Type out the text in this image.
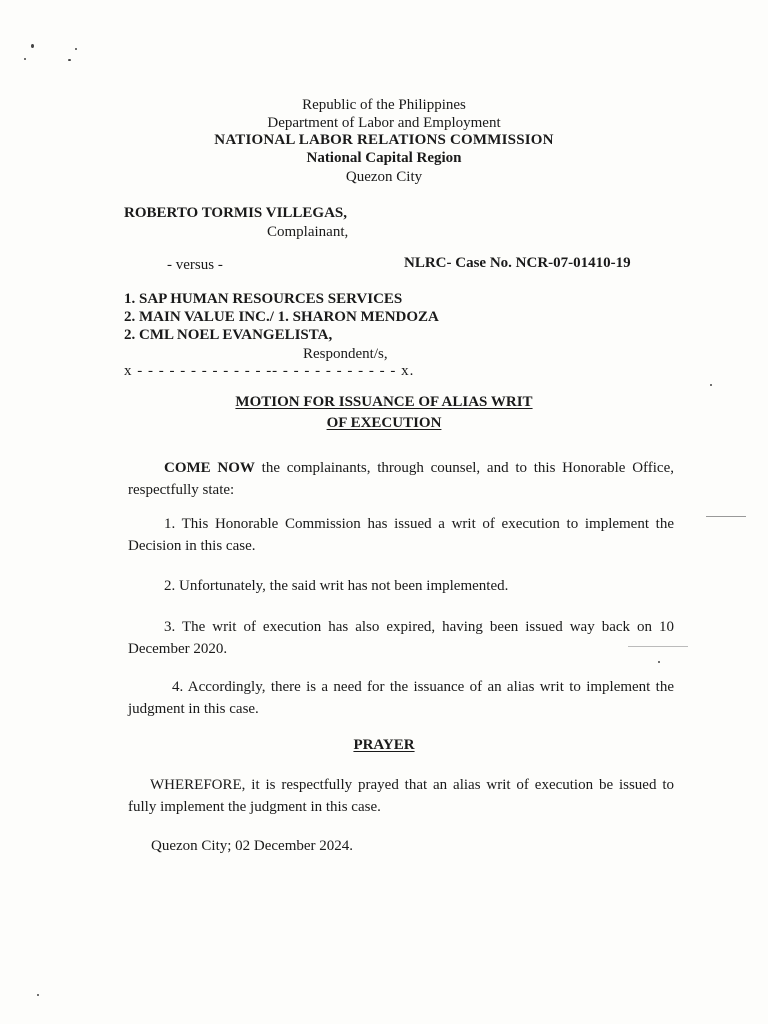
Republic of the Philippines
Department of Labor and Employment
NATIONAL LABOR RELATIONS COMMISSION
National Capital Region
Quezon City
ROBERTO TORMIS VILLEGAS,
Complainant,
- versus -	NLRC- Case No. NCR-07-01410-19
1. SAP HUMAN RESOURCES SERVICES
2. MAIN VALUE INC./ 1. SHARON MENDOZA
2. CML NOEL EVANGELISTA,
Respondent/s,
x - - - - - - - - - - - - -- - - - - - - - - - - - x.
MOTION FOR ISSUANCE OF ALIAS WRIT
OF EXECUTION
COME NOW the complainants, through counsel, and to this Honorable Office, respectfully state:
1. This Honorable Commission has issued a writ of execution to implement the Decision in this case.
2. Unfortunately, the said writ has not been implemented.
3. The writ of execution has also expired, having been issued way back on 10 December 2020.
4. Accordingly, there is a need for the issuance of an alias writ to implement the judgment in this case.
PRAYER
WHEREFORE, it is respectfully prayed that an alias writ of execution be issued to fully implement the judgment in this case.
Quezon City; 02 December 2024.
